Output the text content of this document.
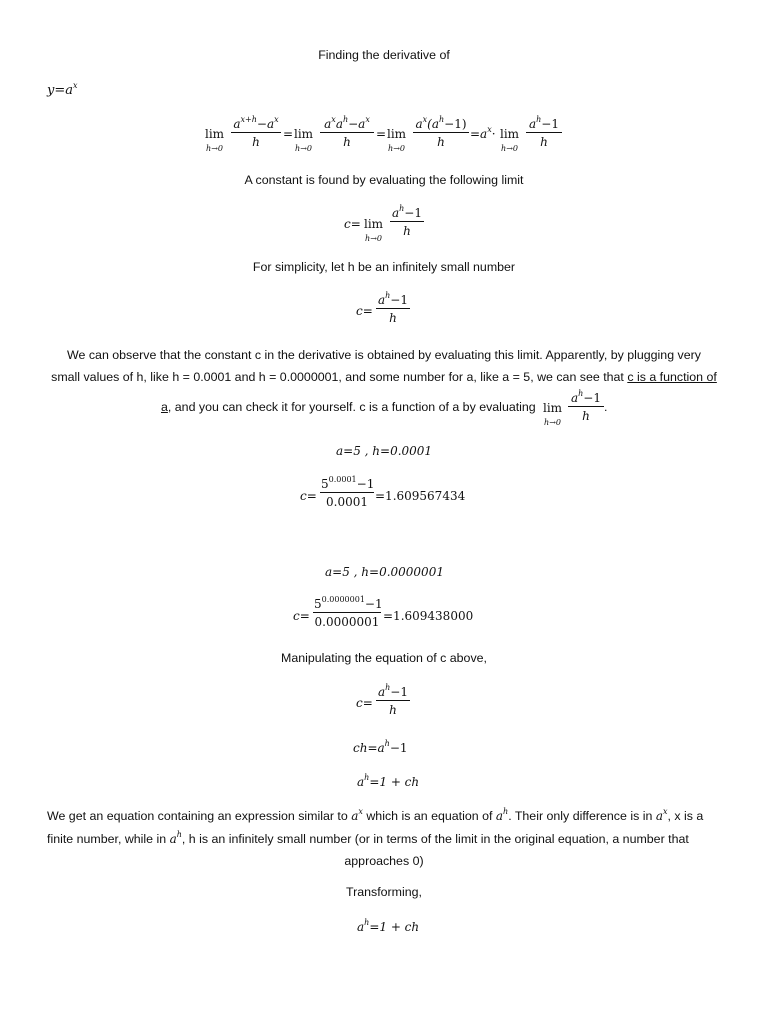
Finding the derivative of
$y=a^x$
lim
h→0
$a^{x+h}-a^x$
h
= lim
h→0
$a^xa^h-a^x$
h
= lim
h→0
$a^x(a^h-1)$
h
$=a^x\cdot \lim$
h→0
$a^h-1$
h
A constant is found by evaluating the following limit
c= lim
h→0
$a^h-1$
h
For simplicity, let h be an infinitely small number
c=
$a^h-1$
h
We can observe that the constant c in the derivative is obtained by evaluating this limit. Apparently, by plugging very
small values of h, like h = 0.0001 and h = 0.0000001, and some number for a, like a = 5, we can see that c is a function of
a, and you can check it for yourself. c is a function of a by evaluating lim
h→0
$a^h-1$
h
.
a=5 , h=0.0001
c=
$5^{0.0001}-1$
0.0001 =1.609567434
a=5 , h=0.0000001
c=
$5^{0.0000001}-1$
0.0000001 =1.609438000
Manipulating the equation of c above,
c=
$a^h-1$
h
$ch=a^h-1$
$a^h=1$ + ch
We get an equation containing an expression similar to $a^x$ which is an equation of $a^h$. Their only difference is in $a^x$, x is a
finite number, while in $a^h$, h is an infinitely small number (or in terms of the limit in the original equation, a number that
approaches 0)
Transforming,
$a^h=1$ + ch
